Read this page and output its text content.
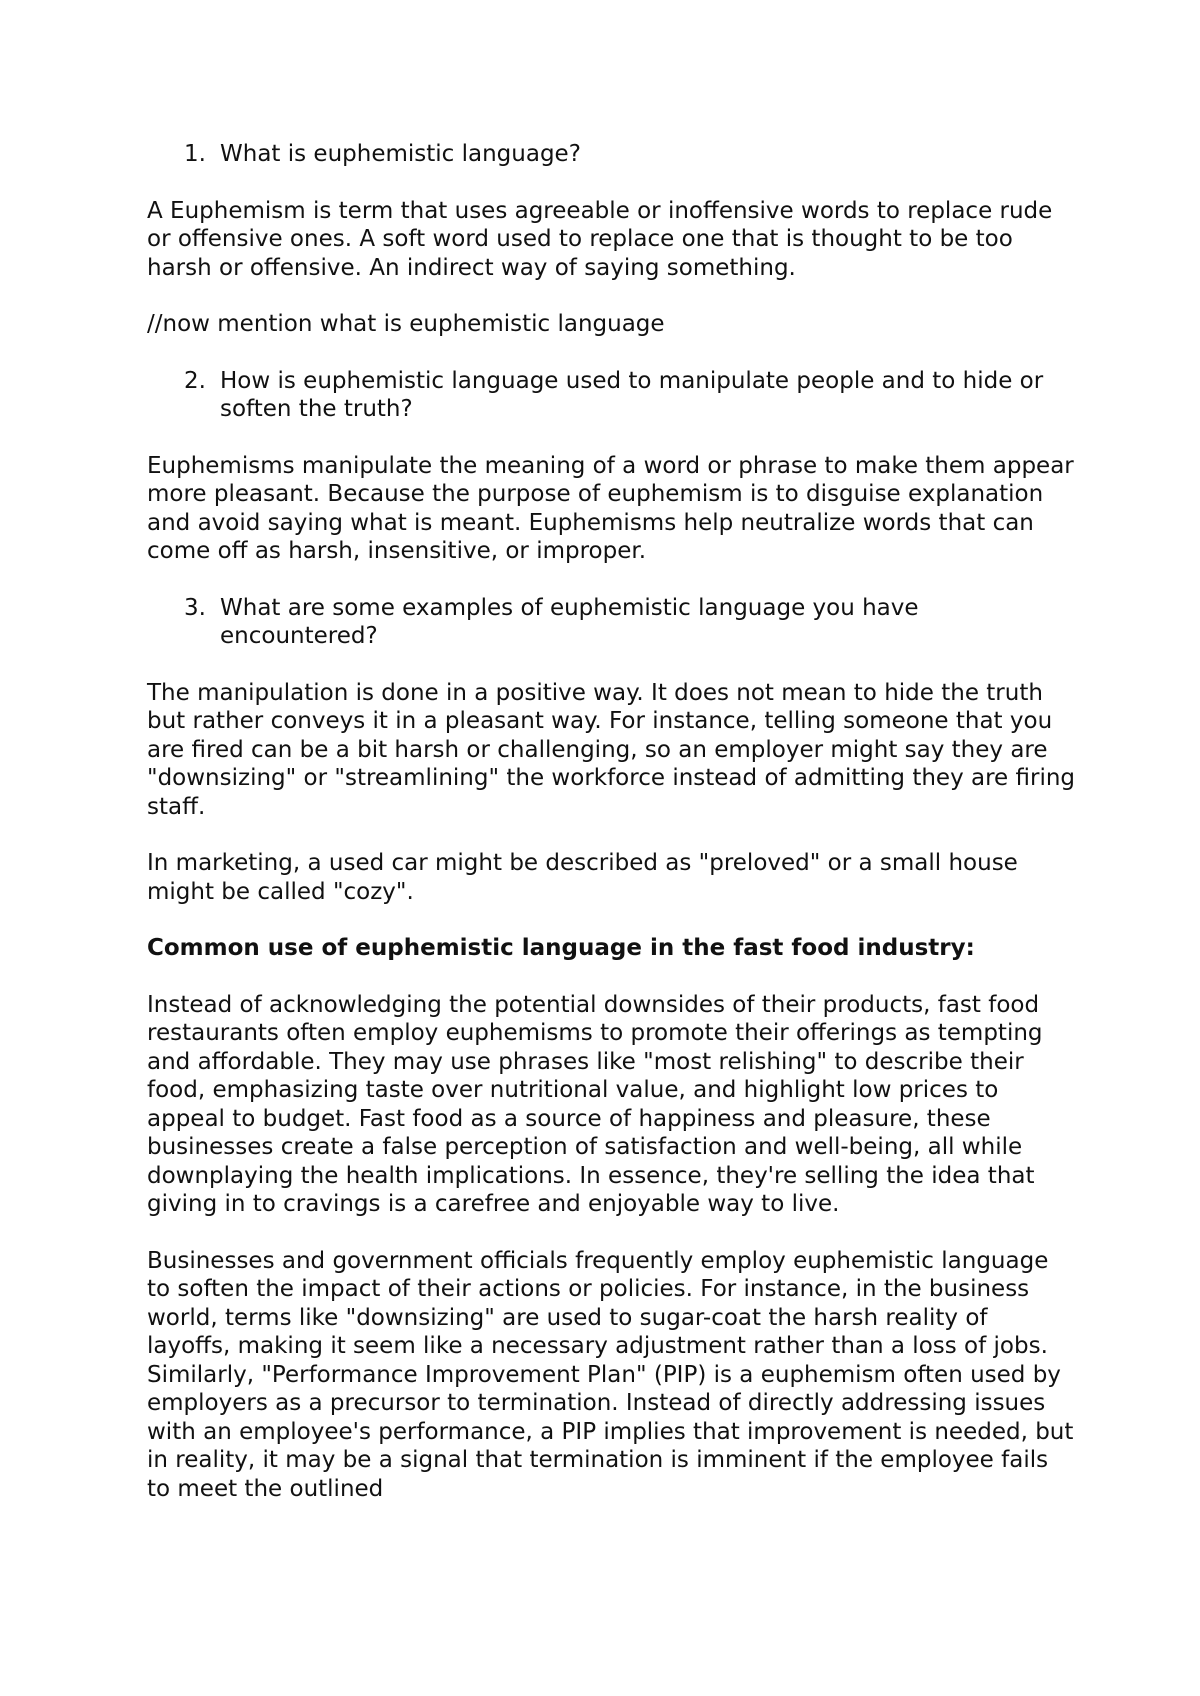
1. What is euphemistic language?

A Euphemism is term that uses agreeable or inoffensive words to replace rude or offensive ones. A soft word used to replace one that is thought to be too harsh or offensive. An indirect way of saying something.

//now mention what is euphemistic language

2. How is euphemistic language used to manipulate people and to hide or soften the truth?

Euphemisms manipulate the meaning of a word or phrase to make them appear more pleasant. Because the purpose of euphemism is to disguise explanation and avoid saying what is meant. Euphemisms help neutralize words that can come off as harsh, insensitive, or improper.

3. What are some examples of euphemistic language you have encountered?

The manipulation is done in a positive way. It does not mean to hide the truth but rather conveys it in a pleasant way. For instance, telling someone that you are fired can be a bit harsh or challenging, so an employer might say they are "downsizing" or "streamlining" the workforce instead of admitting they are firing staff.

In marketing, a used car might be described as "preloved" or a small house might be called "cozy".

Common use of euphemistic language in the fast food industry:

Instead of acknowledging the potential downsides of their products, fast food restaurants often employ euphemisms to promote their offerings as tempting and affordable. They may use phrases like "most relishing" to describe their food, emphasizing taste over nutritional value, and highlight low prices to appeal to budget. Fast food as a source of happiness and pleasure, these businesses create a false perception of satisfaction and well-being, all while downplaying the health implications. In essence, they're selling the idea that giving in to cravings is a carefree and enjoyable way to live.

Businesses and government officials frequently employ euphemistic language to soften the impact of their actions or policies. For instance, in the business world, terms like "downsizing" are used to sugar-coat the harsh reality of layoffs, making it seem like a necessary adjustment rather than a loss of jobs. Similarly, "Performance Improvement Plan" (PIP) is a euphemism often used by employers as a precursor to termination. Instead of directly addressing issues with an employee's performance, a PIP implies that improvement is needed, but in reality, it may be a signal that termination is imminent if the employee fails to meet the outlined
